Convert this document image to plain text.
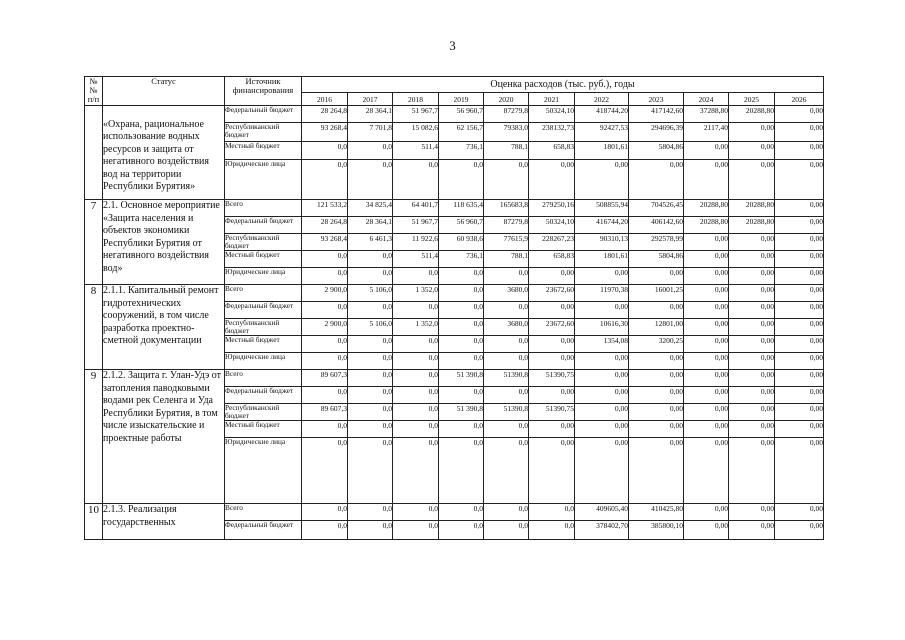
3
№
№
п/п	Статус	Источник финансирования	Оценка расходов (тыс. руб.), годы										
			2016	2017	2018	2019	2020	2021	2022	2023	2024	2025	2026

«Охрана, рациональное использование водных ресурсов и защита от негативного воздействия вод на территории Республики Бурятия»	Федеральный бюджет	28 264,8	28 364,1	51 967,7	56 960,7	87279,8	50324,10	418744,20	417142,60	37288,80	20288,80	0,00
		Республиканский бюджет	93 268,4	7 701,8	15 082,6	62 156,7	79383,0	238132,73	92427,53	294696,39	2117,40	0,00	0,00
		Местный бюджет	0,0	0,0	511,4	736,1	788,1	658,83	1801,61	5804,86	0,00	0,00	0,00
		Юридические лица	0,0	0,0	0,0	0,0	0,0	0,00	0,00	0,00	0,00	0,00	0,00
7	2.1. Основное мероприятие «Защита населения и объектов экономики Республики Бурятия от негативного воздействия вод»	Всего	121 533,2	34 825,4	64 401,7	118 635,4	165683,8	279250,16	508855,94	704526,45	20288,80	20288,80	0,00
		Федеральный бюджет	28 264,8	28 364,1	51 967,7	56 960,7	87279,8	50324,10	416744,20	406142,60	20288,80	20288,80	0,00
		Республиканский бюджет	93 268,4	6 461,3	11 922,6	60 938,6	77615,9	228267,23	90310,13	292578,99	0,00	0,00	0,00
		Местный бюджет	0,0	0,0	511,4	736,1	788,1	658,83	1801,61	5804,86	0,00	0,00	0,00
		Юридические лица	0,0	0,0	0,0	0,0	0,0	0,00	0,00	0,00	0,00	0,00	0,00
8	2.1.1. Капитальный ремонт гидротехнических сооружений, в том числе разработка проектно-сметной документации	Всего	2 900,0	5 106,0	1 352,0	0,0	3680,0	23672,60	11970,38	16001,25	0,00	0,00	0,00
		Федеральный бюджет	0,0	0,0	0,0	0,0	0,0	0,00	0,00	0,00	0,00	0,00	0,00
		Республиканский бюджет	2 900,0	5 106,0	1 352,0	0,0	3680,0	23672,60	10616,30	12801,00	0,00	0,00	0,00
		Местный бюджет	0,0	0,0	0,0	0,0	0,0	0,00	1354,08	3200,25	0,00	0,00	0,00
		Юридические лица	0,0	0,0	0,0	0,0	0,0	0,00	0,00	0,00	0,00	0,00	0,00
9	2.1.2. Защита г. Улан-Удэ от затопления паводковыми водами рек Селенга и Уда Республики Бурятия, в том числе изыскательские и проектные работы	Всего	89 607,3	0,0	0,0	51 390,8	51390,8	51390,75	0,00	0,00	0,00	0,00	0,00
		Федеральный бюджет	0,0	0,0	0,0	0,0	0,0	0,00	0,00	0,00	0,00	0,00	0,00
		Республиканский бюджет	89 607,3	0,0	0,0	51 390,8	51390,8	51390,75	0,00	0,00	0,00	0,00	0,00
		Местный бюджет	0,0	0,0	0,0	0,0	0,0	0,00	0,00	0,00	0,00	0,00	0,00
		Юридические лица	0,0	0,0	0,0	0,0	0,0	0,00	0,00	0,00	0,00	0,00	0,00
10	2.1.3. Реализация государственных	Всего	0,0	0,0	0,0	0,0	0,0	0,0	409605,40	410425,80	0,00	0,00	0,00
		Федеральный бюджет	0,0	0,0	0,0	0,0	0,0	0,0	378402,70	385800,10	0,00	0,00	0,00
